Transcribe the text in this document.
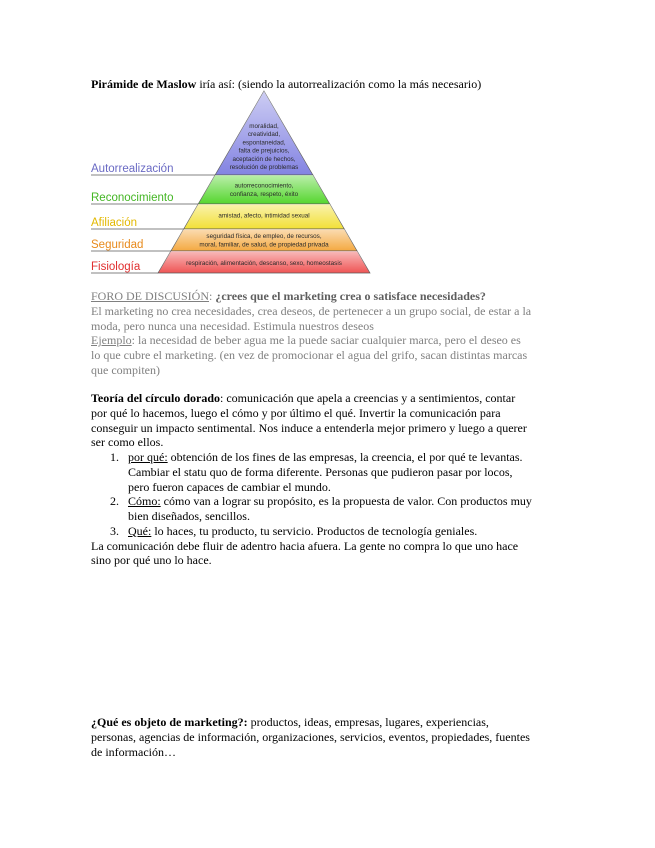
Pirámide de Maslow iría así: (siendo la autorrealización como la más necesario)
Autorrealización
Reconocimiento
Afiliación
Seguridad
Fisiología
moralidad,
creatividad,
espontaneidad,
falta de prejuicios,
aceptación de hechos,
resolución de problemas
autorreconocimiento,
confianza, respeto, éxito
amistad, afecto, intimidad sexual
seguridad física, de empleo, de recursos,
moral, familiar, de salud, de propiedad privada
respiración, alimentación, descanso, sexo, homeostasis
FORO DE DISCUSIÓN: ¿crees que el marketing crea o satisface necesidades?
El marketing no crea necesidades, crea deseos, de pertenecer a un grupo social, de estar a la
moda, pero nunca una necesidad. Estimula nuestros deseos
Ejemplo: la necesidad de beber agua me la puede saciar cualquier marca, pero el deseo es
lo que cubre el marketing. (en vez de promocionar el agua del grifo, sacan distintas marcas
que compiten)
Teoría del círculo dorado: comunicación que apela a creencias y a sentimientos, contar
por qué lo hacemos, luego el cómo y por último el qué. Invertir la comunicación para
conseguir un impacto sentimental. Nos induce a entenderla mejor primero y luego a querer
ser como ellos.
1. por qué: obtención de los fines de las empresas, la creencia, el por qué te levantas.
Cambiar el statu quo de forma diferente. Personas que pudieron pasar por locos,
pero fueron capaces de cambiar el mundo.
2. Cómo: cómo van a lograr su propósito, es la propuesta de valor. Con productos muy
bien diseñados, sencillos.
3. Qué: lo haces, tu producto, tu servicio. Productos de tecnología geniales.
La comunicación debe fluir de adentro hacia afuera. La gente no compra lo que uno hace
sino por qué uno lo hace.
¿Qué es objeto de marketing?: productos, ideas, empresas, lugares, experiencias,
personas, agencias de información, organizaciones, servicios, eventos, propiedades, fuentes
de información…
